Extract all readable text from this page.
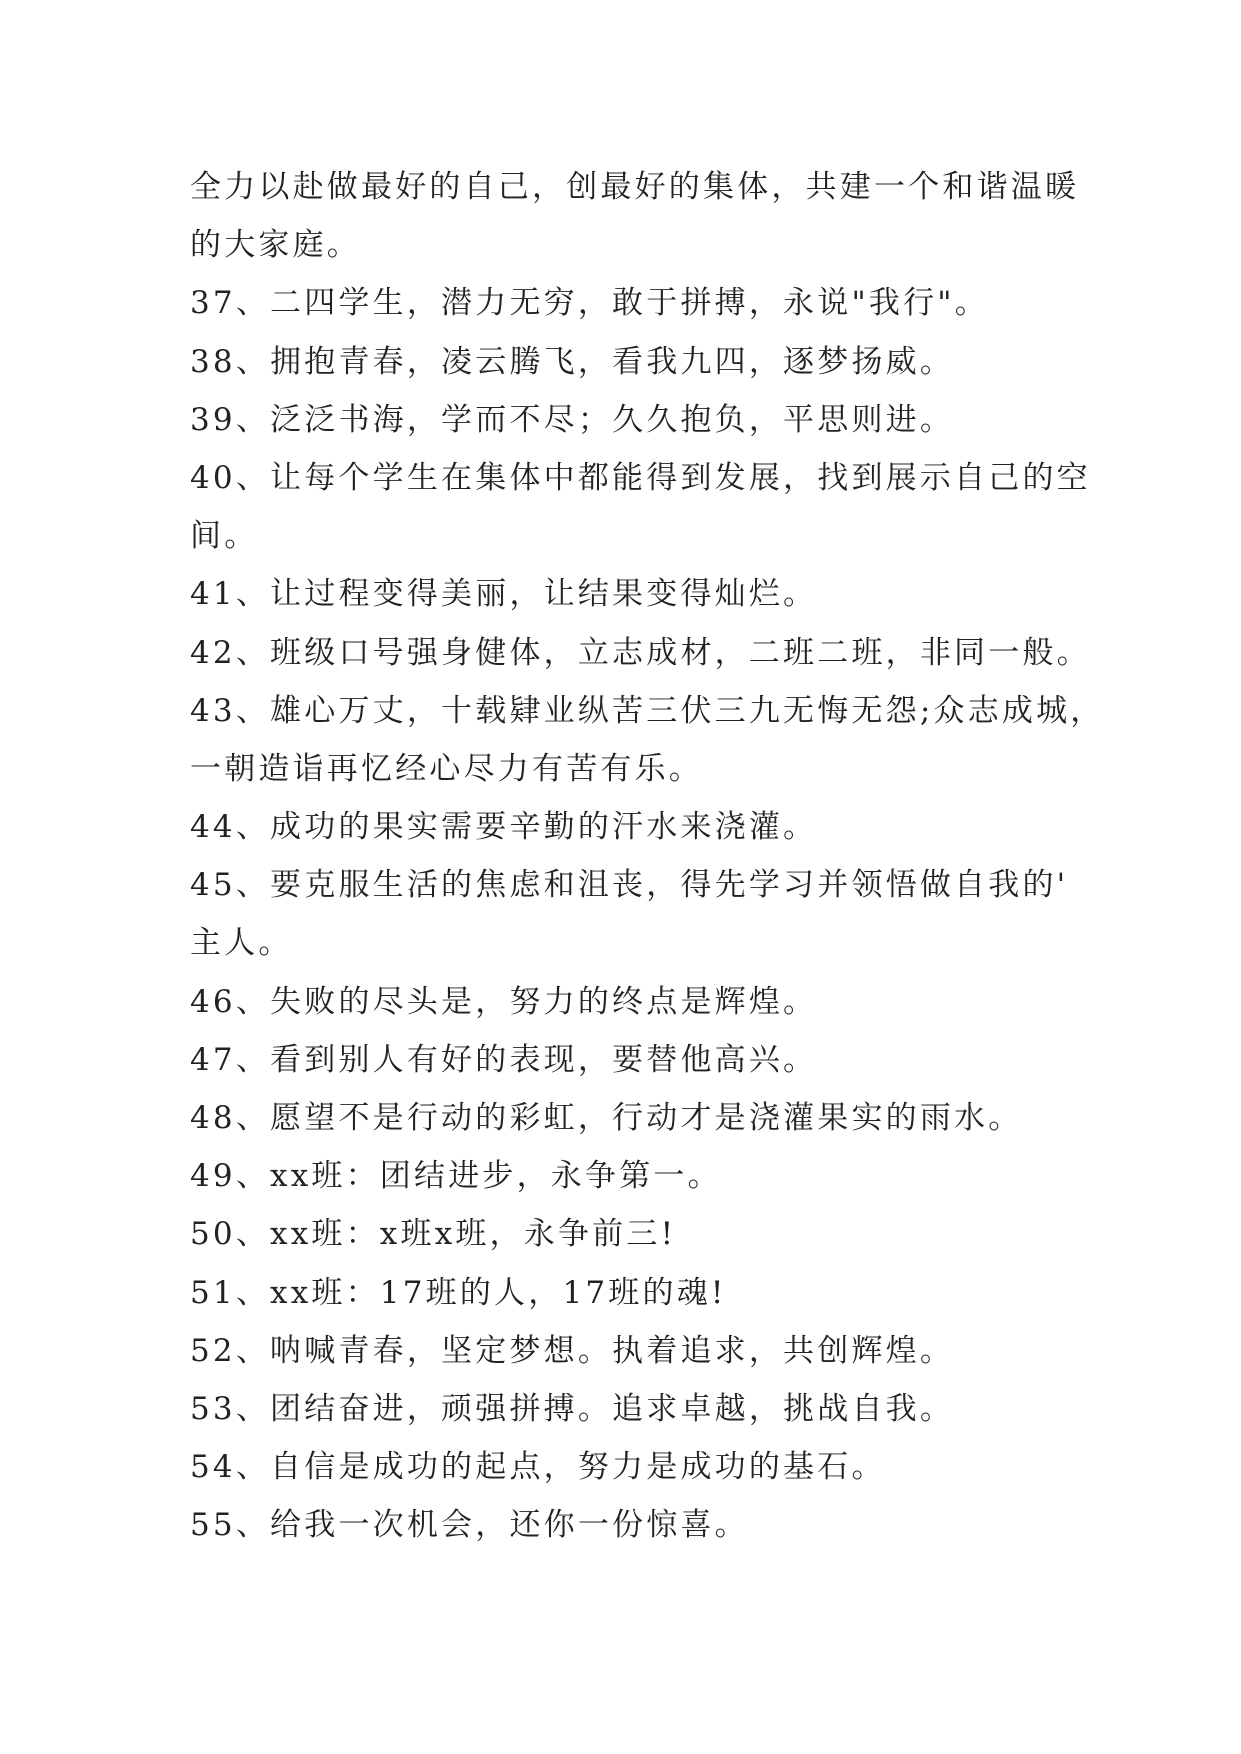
全力以赴做最好的自己，创最好的集体，共建一个和谐温暖
的大家庭。
37、二四学生，潜力无穷，敢于拼搏，永说"我行"。
38、拥抱青春，凌云腾飞，看我九四，逐梦扬威。
39、泛泛书海，学而不尽；久久抱负，平思则进。
40、让每个学生在集体中都能得到发展，找到展示自己的空
间。
41、让过程变得美丽，让结果变得灿烂。
42、班级口号强身健体，立志成材，二班二班，非同一般。
43、雄心万丈，十载肄业纵苦三伏三九无悔无怨;众志成城，
一朝造诣再忆经心尽力有苦有乐。
44、成功的果实需要辛勤的汗水来浇灌。
45、要克服生活的焦虑和沮丧，得先学习并领悟做自我的'
主人。
46、失败的尽头是，努力的终点是辉煌。
47、看到别人有好的表现，要替他高兴。
48、愿望不是行动的彩虹，行动才是浇灌果实的雨水。
49、xx班：团结进步，永争第一。
50、xx班：x班x班，永争前三!
51、xx班：17班的人，17班的魂!
52、呐喊青春，坚定梦想。执着追求，共创辉煌。
53、团结奋进，顽强拼搏。追求卓越，挑战自我。
54、自信是成功的起点，努力是成功的基石。
55、给我一次机会，还你一份惊喜。
